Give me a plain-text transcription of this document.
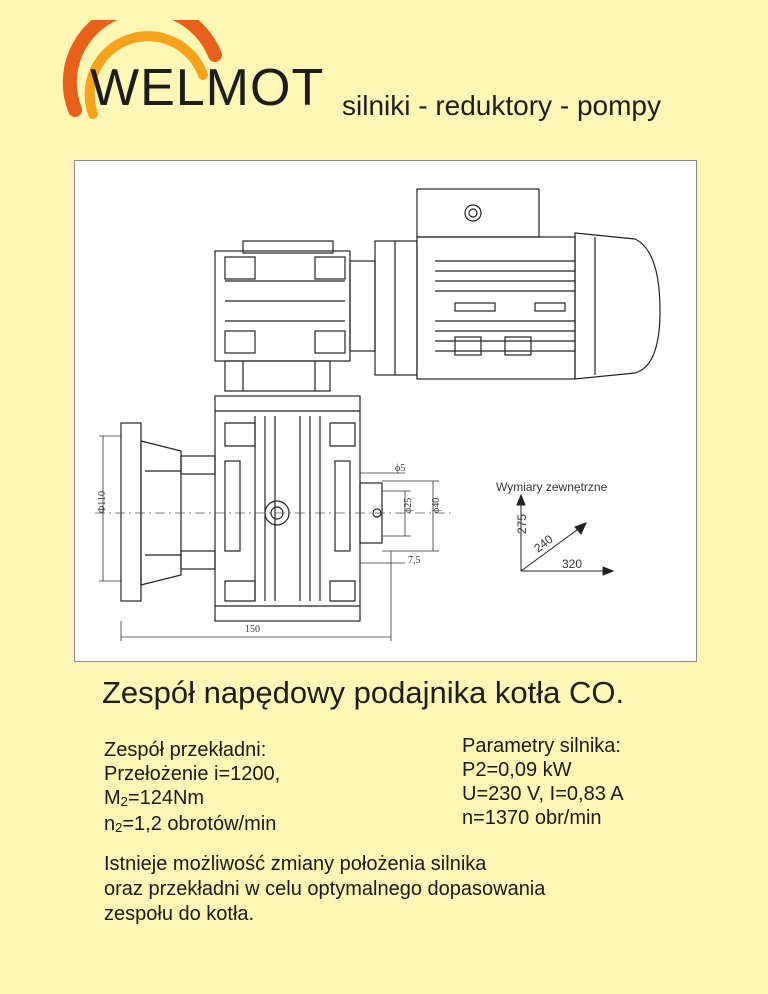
WELMOT silniki - reduktory - pompy
Φ110
ϕ5
ϕ25 ϕ40
7,5
150
Wymiary zewnętrzne
275
240
320
Zespół napędowy podajnika kotła CO.
Zespół przekładni:
Przełożenie i=1200,
$M_2=124Nm$
$n_2=1,2$ obrotów/min
Parametry silnika:
P2=0,09 kW
U=230 V, I=0,83 A
n=1370 obr/min
Istnieje możliwość zmiany położenia silnika
oraz przekładni w celu optymalnego dopasowania
zespołu do kotła.
